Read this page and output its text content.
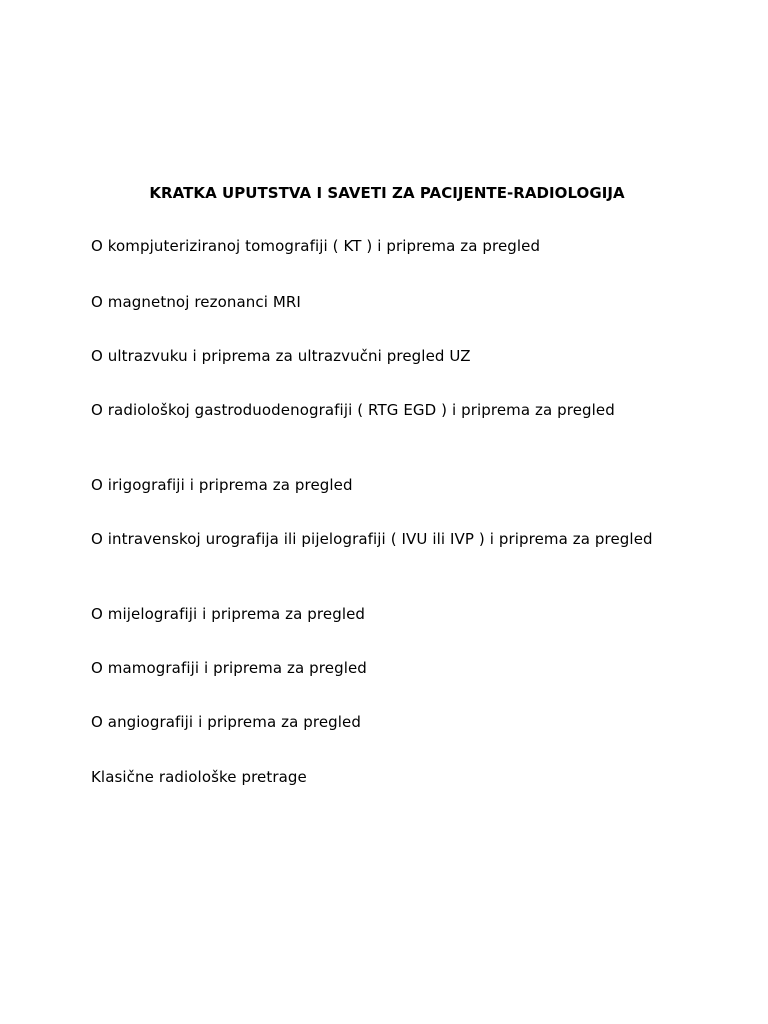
KRATKA UPUTSTVA I SAVETI ZA PACIJENTE-RADIOLOGIJA
O kompjuteriziranoj tomografiji ( KT ) i priprema za pregled
O magnetnoj rezonanci MRI
O ultrazvuku i priprema za ultrazvučni pregled UZ
O radiološkoj gastroduodenografiji ( RTG EGD ) i priprema za pregled
O irigografiji i priprema za pregled
O intravenskoj urografija ili pijelografiji ( IVU ili IVP ) i priprema za pregled
O mijelografiji i priprema za pregled
O mamografiji i priprema za pregled
O angiografiji i priprema za pregled
Klasične radiološke pretrage
